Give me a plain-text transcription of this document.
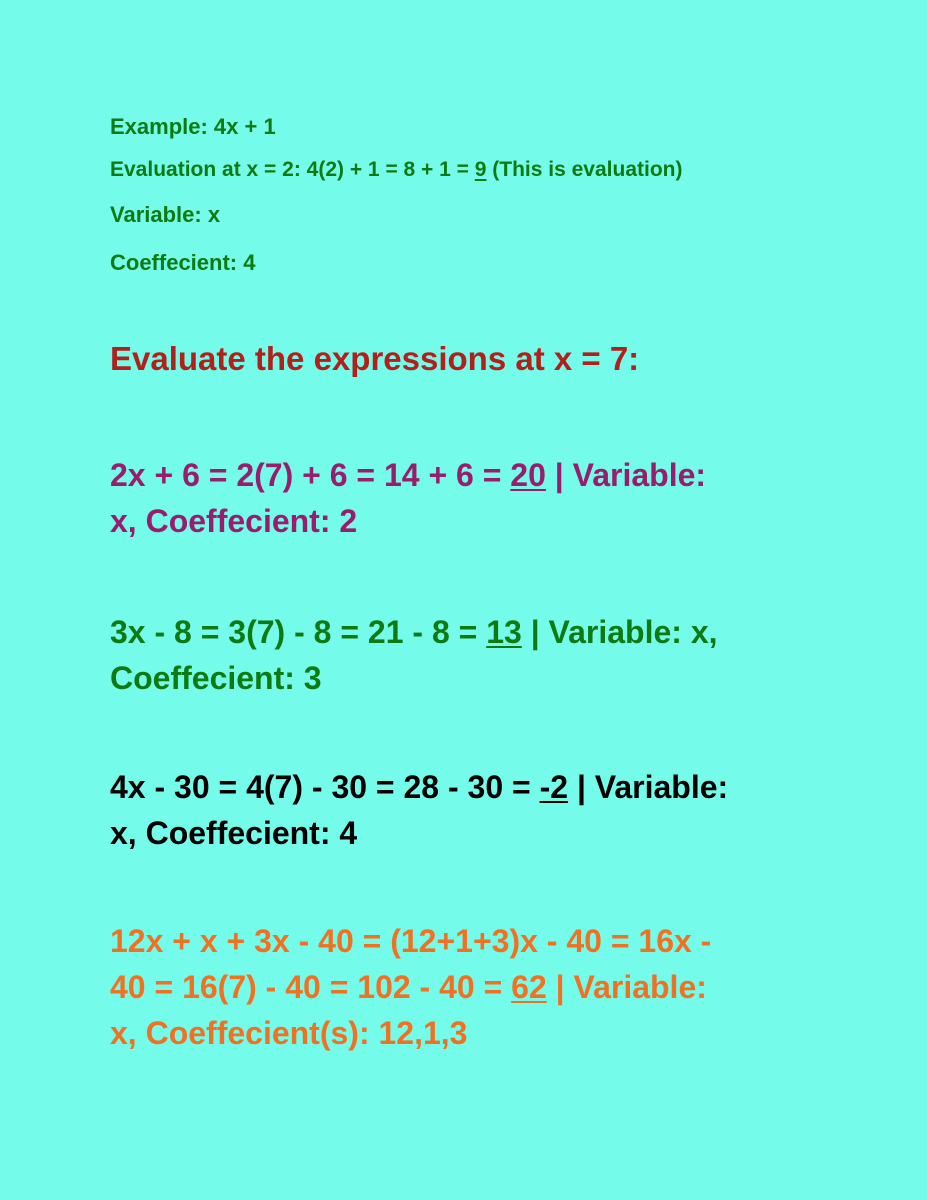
Example: 4x + 1

Evaluation at x = 2: 4(2) + 1 = 8 + 1 = 9 (This is evaluation)

Variable: x

Coeffecient: 4

Evaluate the expressions at x = 7:
2x + 6 = 2(7) + 6 = 14 + 6 = 20 | Variable:
x, Coeffecient: 2
3x - 8 = 3(7) - 8 = 21 - 8 = 13 | Variable: x,
Coeffecient: 3
4x - 30 = 4(7) - 30 = 28 - 30 = -2 | Variable:
x, Coeffecient: 4
12x + x + 3x - 40 = (12+1+3)x - 40 = 16x -
40 = 16(7) - 40 = 102 - 40 = 62 | Variable:
x, Coeffecient(s): 12,1,3
